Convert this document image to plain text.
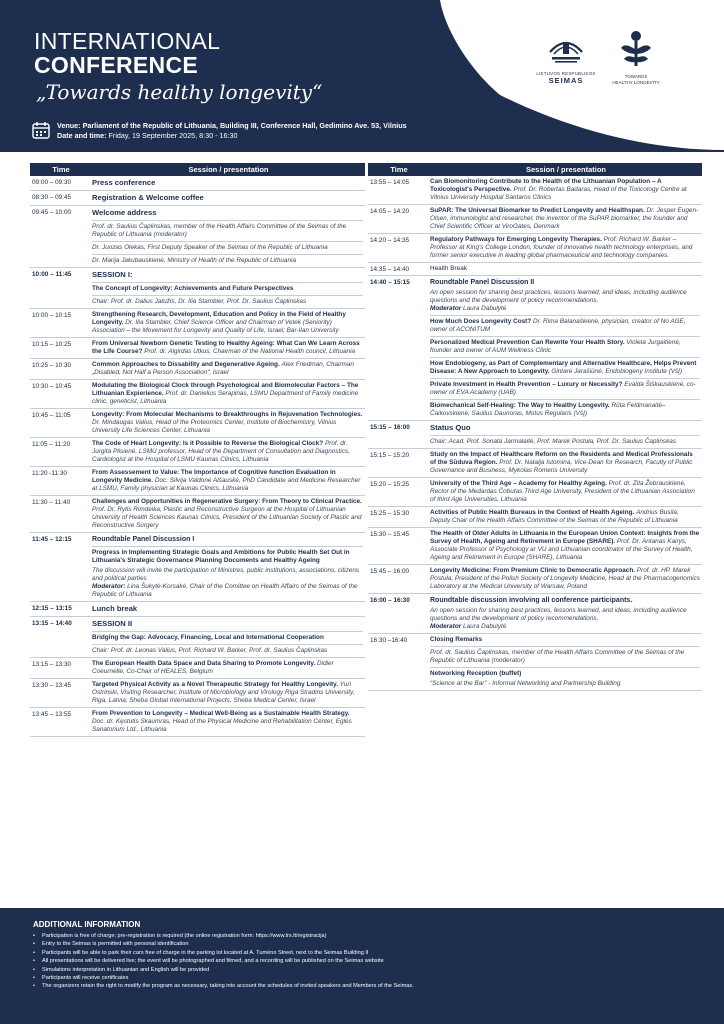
INTERNATIONAL
CONFERENCE
„Towards healthy longevity“
LIETUVOS RESPUBLIKOS
SEIMAS	TOWARDS
HEALTHY LONGEVITY
Venue: Parliament of the Republic of Lithuania, Building III, Conference Hall, Gedimino Ave. 53, Vilnius
Date and time: Friday, 19 September 2025, 8:30 - 16:30
Time	Session / presentation
09:00 – 09:30	Press conference
08:30 – 09:45	Registration & Welcome coffee
09:45 – 10:00	Welcome address
Prof. dr. Saulius Čaplinskas, member of the Health Affairs Committee of the Seimas of the Republic of Lithuania (moderator)
Dr. Juozas Olekas, First Deputy Speaker of the Seimas of the Republic of Lithuania
Dr. Marija Jakubauskienė, Ministry of Health of the Republic of Lithuania
10:00 – 11:45	SESSION I:
The Concept of Longevity: Achievements and Future Perspectives
Chair: Prof. dr. Dalius Jatužis, Dr. Ilia Stambler, Prof. Dr. Saulius Čaplinskas
10:00 – 10:15	Strengthening Research, Development, Education and Policy in the Field of Healthy Longevity. Dr. Ilia Stambler, Chief Science Officer and Chairman of Vetek (Seniority) Association – the Movement for Longevity and Quality of Life, Israel; Bar-Ilan University
10:15 – 10:25	From Universal Newborn Genetic Testing to Healthy Ageing: What Can We Learn Across the Life Course? Prof. dr. Algirdas Utkus, Chairman of the National Health council, Lithuania
10:25 – 10:30	Common Approaches to Dissability and Degenerative Ageing. Alex Friedman, Chairman „Disabled, Not Half a Person Association“, Israel
10:30 – 10:45	Modulating the Biological Clock through Psychological and Biomolecular Factors – The Lithuanian Expierience. Prof. dr. Danielius Serapinas, LSMU Department of Family medicine clinic, geneticist, Lithuania
10:45 – 11:05	Longevity: From Molecular Mechanisms to Breakthroughs in Rejuvenation Technologies. Dr. Mindaugas Valius, Head of the Proteomics Center, Institute of Biochemistry, Vilnius University Life Sciences Center, Lithuania
11:05 – 11:20	The Code of Heart Longevity: Is it Possible to Reverse the Biological Clock? Prof. dr. Jurgita Plisienė, LSMU professor, Head of the Department of Consultation and Diagnostics, Cardiologist at the Hospital of LSMU Kaunas Clinics, Lithuania
11:20 -11:30	From Assessement to Value: The Importance of Cognitive function Evaluation in Longevity Medicine. Doc. Silvija Valdonė Alšauskė, PhD Candidate and Medicine Researcher at LSMU, Family physician at Kaunas Clinics, Lithuania
11:30 – 11:40	Challenges and Opportunities in Regenerative Surgery: From Theory to Clinical Practice. Prof. Dr. Rytis Rimdeika, Plastic and Reconstructive Surgeon at the Hospital of Lithuanian University of Health Sciences Kaunas Clinics, President of the Lithuanian Society of Plastic and Reconstructive Surgery
11:45 – 12:15	Roundtable Panel Discussion I
Progress in Implementing Strategic Goals and Ambitions for Public Health Set Out in Lithuania's Strategic Governance Planning Documents and Healthy Ageing
The discussion will invite the participation of Ministres, public institutions, associations, citizens and political parties
Moderator: Lina Šukytė-Korsakė, Chair of the Comittee on Health Affairs of the Seimas of the Republic of Lithuania
12:15 – 13:15	Lunch break
13:15 – 14:40	SESSION II
Bridging the Gap: Advocacy, Financing, Local and International Cooperation
Chair: Prof. dr. Leonas Valius, Prof. Richard W. Barker, Prof. dr. Saulius Čaplinskas
13:15 – 13:30	The European Health Data Space and Data Sharing to Promote Longevity. Didier Coeurnelle, Co-Chair of HEALES, Belgium
13:30 – 13:45	Targeted Physical Activity as a Novel Therapeutic Strategy for Healthy Longevity. Yuri Ostrinski, Visiting Researcher, Institute of Microbiology and Virology Riga Stradins University, Riga, Latvia; Sheba Global International Projects, Sheba Medical Center, Israel
13:45 – 13:55	From Prevention to Longevity – Medical Well-Being as a Sustainable Health Strategy. Doc. dr. Kęstutis Skaumras, Head of the Physical Medicine and Rehabilitation Center, Eglės Sanatorium Ltd., Lithuania
Time	Session / presentation
13:55 – 14:05	Can Biomonitoring Contribute to the Health of the Lithuanian Population – A Toxicologist's Perspective. Prof. Dr. Robertas Badaras, Head of the Toxicology Centre at Vilnius University Hospital Santaros Clinics
14:05 – 14:20	SuPAR: The Universal Biomarker to Predict Longevity and Healthspan. Dr. Jesper Eugen-Olsen, immunologist and researcher, the inventor of the SuPAR biomarker, the founder and Chief Scientific Officer at ViroGates, Denmark
14:20 – 14:35	Regulatory Pathways for Emerging Longevity Therapies. Prof. Richard W. Barker – Professor at King's College London, founder of innovative health technology enterprises, and former senior executive in leading global pharmaceutical and technology companies.
14:35 – 14:40	Health Break
14:40 – 15:15	Roundtable Panel Discussion II
An open session for sharing best practices, lessons learned, and ideas, including audience questions and the development of policy recommendations.
Moderator Laura Dabulytė
How Much Does Longevity Cost? Dr. Rima Balanaškienė, physician, creator of No AGE, owner of ACONITUM
Personalized Medical Prevention Can Rewrite Your Health Story. Violeta Jurgaitienė, founder and owner of AUM Wellness Clinic
How Endobiogeny, as Part of Complementary and Alternative Healthcare, Helps Prevent Disease: A New Approach to Longevity. Gintarė Jarašiūnė, Endobiogeny Institute (VšĮ)
Private Investment in Health Prevention – Luxury or Necessity? Evalda Šiškauskienė, co-owner of EVA Academy (UAB)
Biomechanical Self-Healing: The Way to Healthy Longevity. Rūta Feldmanaitė–Čaikovskienė, Saulius Daunoras, Motus Regularis (VšĮ)
15:15 – 16:00	Status Quo
Chair: Acad. Prof. Sonata Jarmalaitė, Prof. Marek Postuła, Prof. Dr. Saulius Čaplinskas
15:15 – 15:20	Study on the Impact of Healthcare Reform on the Residents and Medical Professionals of the Sūduva Region. Prof. Dr. Natalja Istomina, Vice-Dean for Research, Faculty of Public Governance and Business, Mykolas Romeris University
15:20 – 15:25	University of the Third Age – Academy for Healthy Ageing. Prof. dr. Zita Žebrauskienė, Rector of the Medardas Čobutas Third Age University, President of the Lithuanian Association of third Age Universities, Lithuania
15:25 – 15:30	Activities of Public Health Bureaus in the Context of Health Ageing. Andrius Busila, Deputy Chair of the Health Affairs Committee of the Seimas of the Republic of Lithuania
15:30 – 15:45	The Health of Older Adults in Lithuania in the European Union Context: Insights from the Survey of Health, Ageing and Retirement in Europe (SHARE). Prof. Dr. Antanas Kairys, Associate Professor of Psychology ar VU and Lithuanian coordinator of the Survey of Health, Ageing and Retirement in Europe (SHARE), Lithuania
15:45 – 16:00	Longevity Medicine: From Premium Clinic to Democratic Approach. Prof. dr. HP. Marek Postuła, President of the Polish Society of Longevity Medicine, Head at the Pharmacogenomics Laboratory at the Medical University of Warsaw, Poland
16:00 – 16:30	Roundtable discussion involving all conference participants.
An open session for sharing best practices, lessons learned, and ideas, including audience questions and the development of policy recommendations.
Moderator Laura Dabulytė
16:30 –16:40	Closing Remarks
Prof. dr. Saulius Čaplinskas, member of the Health Affairs Committee of the Seimas of the Republic of Lithuania (moderator)
Networking Reception (buffet)
“Science at the Bar” - Informal Networking and Partnership Building
ADDITIONAL INFORMATION
• Participation is free of charge; pre-registration is required (the online registration form: https://www.lrs.lt/registracija)
• Entry to the Seimas is permitted with personal identification
• Participants will be able to park their cars free of charge in the parking lot located at A. Tumėno Street, next to the Seimas Building II
• All presentations will be delivered live; the event will be photographed and filmed, and a recording will be published on the Seimas website
• Simulations interpretation in Lithuanian and English will be provided
• Participants will receive certificates
• The organizers retain the right to modify the program as necessary, taking into account the schedules of invited speakers and Members of the Seimas.
